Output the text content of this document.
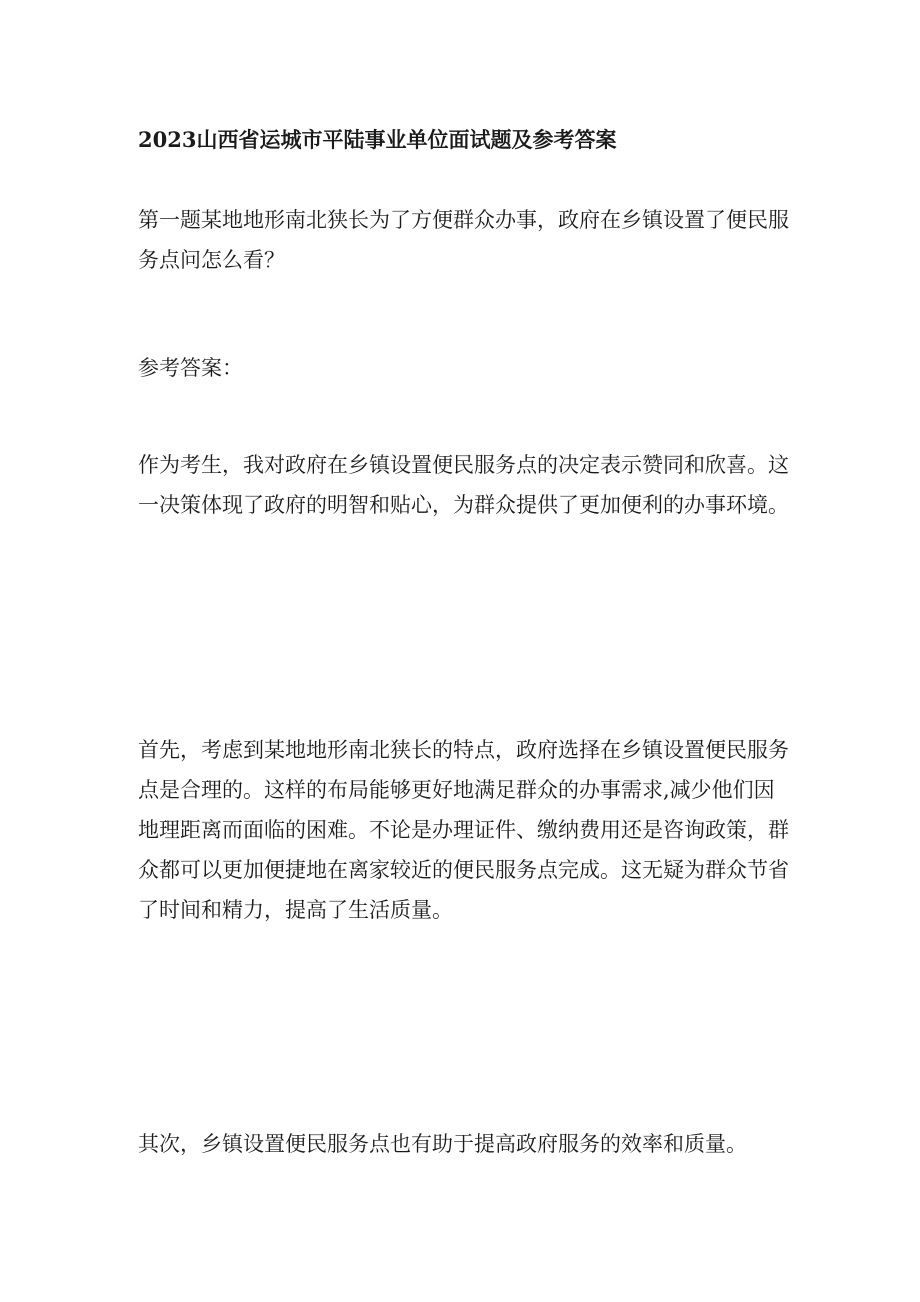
2023山西省运城市平陆事业单位面试题及参考答案

第一题某地地形南北狭长为了方便群众办事，政府在乡镇设置了便民服务点问怎么看？

参考答案：

作为考生，我对政府在乡镇设置便民服务点的决定表示赞同和欣喜。这一决策体现了政府的明智和贴心，为群众提供了更加便利的办事环境。

首先，考虑到某地地形南北狭长的特点，政府选择在乡镇设置便民服务点是合理的。这样的布局能够更好地满足群众的办事需求,减少他们因地理距离而面临的困难。不论是办理证件、缴纳费用还是咨询政策，群众都可以更加便捷地在离家较近的便民服务点完成。这无疑为群众节省了时间和精力，提高了生活质量。

其次，乡镇设置便民服务点也有助于提高政府服务的效率和质量。
